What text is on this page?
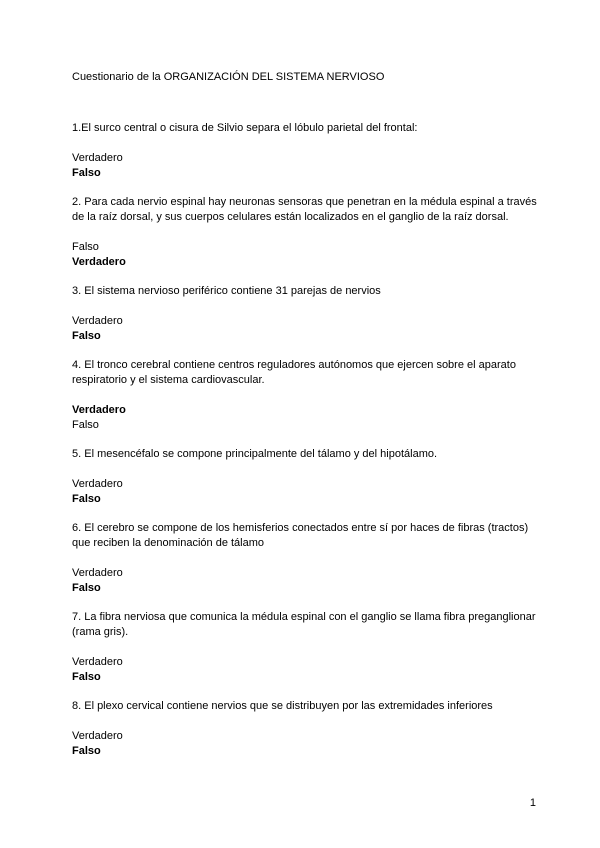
Cuestionario de la ORGANIZACIÓN DEL SISTEMA NERVIOSO
1.El surco central o cisura de Silvio separa el lóbulo parietal del frontal:
Verdadero
Falso
2. Para cada nervio espinal hay neuronas sensoras que penetran en la médula espinal a través de la raíz dorsal, y sus cuerpos celulares están localizados en el ganglio de la raíz dorsal.
Falso
Verdadero
3. El sistema nervioso periférico contiene 31 parejas de nervios
Verdadero
Falso
4. El tronco cerebral contiene centros reguladores autónomos que ejercen sobre el aparato respiratorio y el sistema cardiovascular.
Verdadero
Falso
5. El mesencéfalo se compone principalmente del tálamo y del hipotálamo.
Verdadero
Falso
6. El cerebro se compone de los hemisferios conectados entre sí por haces de fibras (tractos) que reciben la denominación de tálamo
Verdadero
Falso
7. La fibra nerviosa que comunica la médula espinal con el ganglio se llama fibra preganglionar (rama gris).
Verdadero
Falso
8. El plexo cervical contiene nervios que se distribuyen por las extremidades inferiores
Verdadero
Falso
1
